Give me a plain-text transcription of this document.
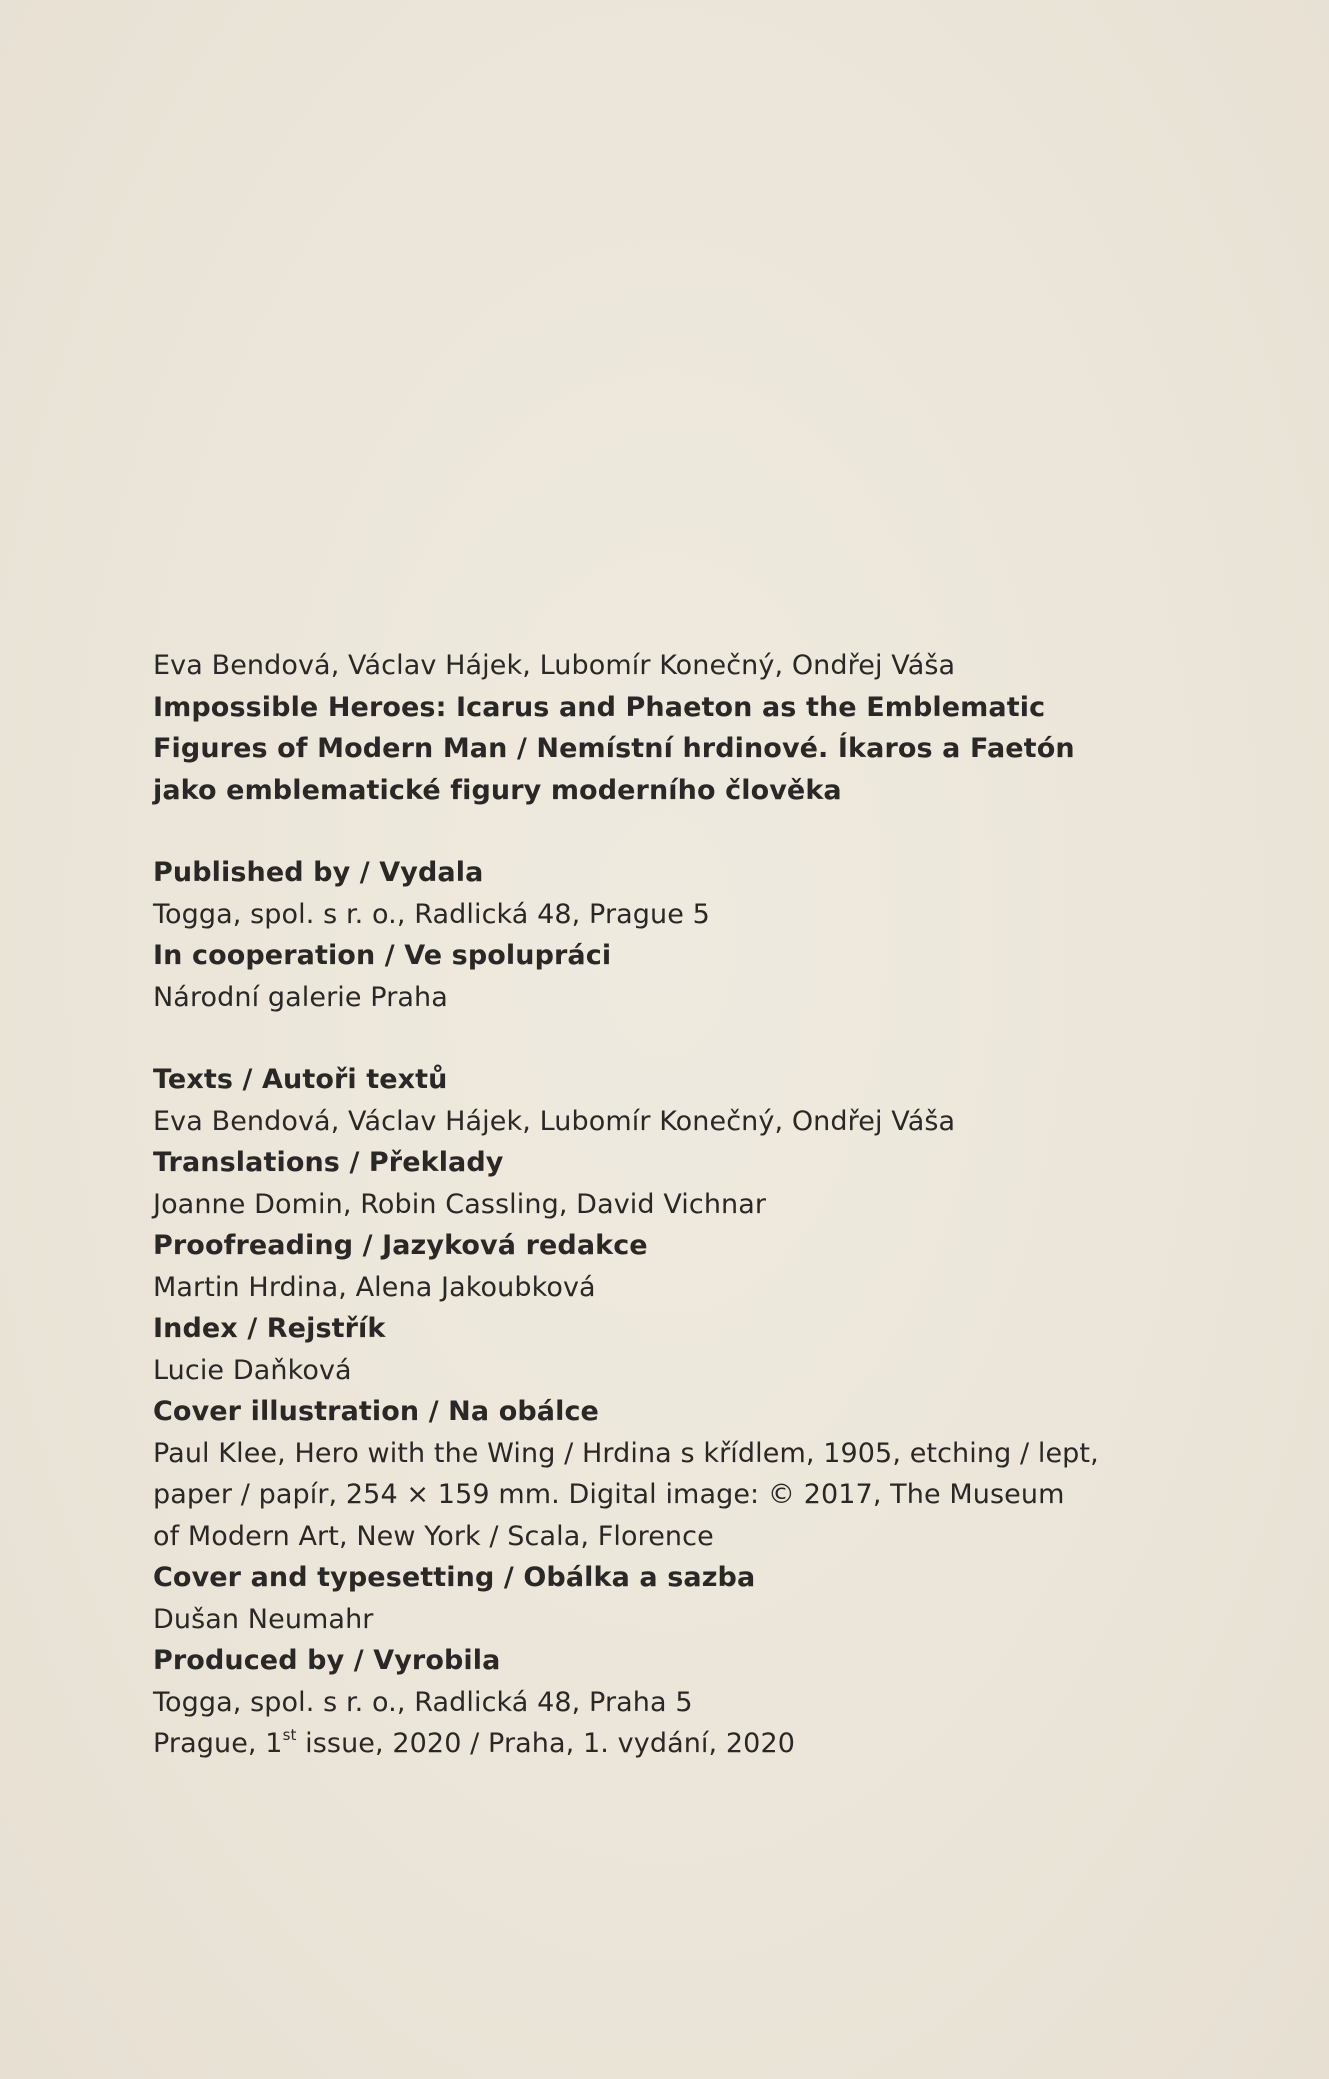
Eva Bendová, Václav Hájek, Lubomír Konečný, Ondřej Váša
Impossible Heroes: Icarus and Phaeton as the Emblematic
Figures of Modern Man / Nemístní hrdinové. Íkaros a Faetón
jako emblematické figury moderního člověka
Published by / Vydala
Togga, spol. s r. o., Radlická 48, Prague 5
In cooperation / Ve spolupráci
Národní galerie Praha
Texts / Autoři textů
Eva Bendová, Václav Hájek, Lubomír Konečný, Ondřej Váša
Translations / Překlady
Joanne Domin, Robin Cassling, David Vichnar
Proofreading / Jazyková redakce
Martin Hrdina, Alena Jakoubková
Index / Rejstřík
Lucie Daňková
Cover illustration / Na obálce
Paul Klee, Hero with the Wing / Hrdina s křídlem, 1905, etching / lept,
paper / papír, 254 × 159 mm. Digital image: © 2017, The Museum
of Modern Art, New York / Scala, Florence
Cover and typesetting / Obálka a sazba
Dušan Neumahr
Produced by / Vyrobila
Togga, spol. s r. o., Radlická 48, Praha 5
Prague, 1st issue, 2020 / Praha, 1. vydání, 2020
